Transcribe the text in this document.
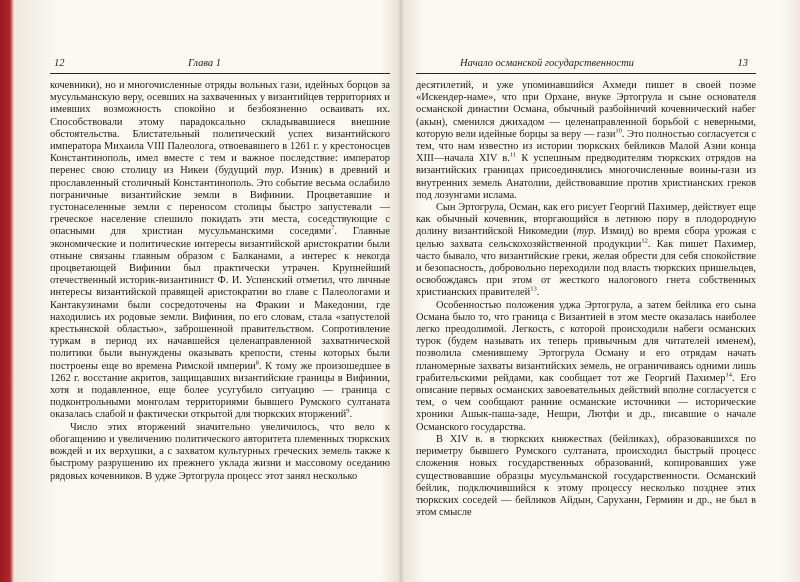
12	Глава 1

кочевники), но и многочисленные отряды вольных гази, идейных борцов за мусульманскую веру, осевших на захваченных у византийцев территориях и имевших возможность спокойно и безбоязненно осваивать их. Способствовали этому парадоксально складывавшиеся внешние обстоятельства. Блистательный политический успех византийского императора Михаила VIII Палеолога, отвоевавшего в 1261 г. у крестоносцев Константинополь, имел вместе с тем и важное последствие: император перенес свою столицу из Никеи (будущий тур. Изник) в древний и прославленный столичный Константинополь. Это событие весьма ослабило пограничные византийские земли в Вифинии. Процветавшие и густонаселенные земли с переносом столицы быстро запустевали — греческое население спешило покидать эти места, соседствующие с опасными для христиан мусульманскими соседями$^7$. Главные экономические и политические интересы византийской аристократии были отныне связаны главным образом с Балканами, а интерес к некогда процветающей Вифинии был практически утрачен. Крупнейший отечественный историк-византинист Ф. И. Успенский отметил, что личные интересы византийской правящей аристократии во главе с Палеологами и Кантакузинами были сосредоточены на Фракии и Македонии, где находились их родовые земли. Вифиния, по его словам, стала «запустелой крестьянской областью», заброшенной правительством. Сопротивление туркам в период их начавшейся целенаправленной захватнической политики были вынуждены оказывать крепости, стены которых были построены еще во времена Римской империи$^8$. К тому же произошедшее в 1262 г. восстание акритов, защищавших византийские границы в Вифинии, хотя и подавленное, еще более усугубило ситуацию — граница с подконтрольными монголам территориями бывшего Румского султаната оказалась слабой и фактически открытой для тюркских вторжений$^9$.

Число этих вторжений значительно увеличилось, что вело к обогащению и увеличению политического авторитета племенных тюркских вождей и их верхушки, а с захватом культурных греческих земель также к быстрому разрушению их прежнего уклада жизни и массовому оседанию рядовых кочевников. В удже Эртогрула процесс этот занял несколько

Начало османской государственности	13

десятилетий, и уже упоминавшийся Ахмеди пишет в своей поэме «Искендер-наме», что при Орхане, внуке Эртогрула и сыне основателя османской династии Османа, обычный разбойничий кочевнический набег (акын), сменился джихадом — целенаправленной борьбой с неверными, которую вели идейные борцы за веру — гази$^{10}$. Это полностью согласуется с тем, что нам известно из истории тюркских бейликов Малой Азии конца XIII—начала XIV в.$^{11}$ К успешным предводителям тюркских отрядов на византийских границах присоединялись многочисленные воины-гази из внутренних земель Анатолии, действовавшие против христианских греков под лозунгами ислама.

Сын Эртогрула, Осман, как его рисует Георгий Пахимер, действует еще как обычный кочевник, вторгающийся в летнюю пору в плодородную долину византийской Никомедии (тур. Измид) во время сбора урожая с целью захвата сельскохозяйственной продукции$^{12}$. Как пишет Пахимер, часто бывало, что византийские греки, желая обрести для себя спокойствие и безопасность, добровольно переходили под власть тюркских пришельцев, освобождаясь при этом от жесткого налогового гнета собственных христианских правителей$^{13}$.

Особенностью положения уджа Эртогрула, а затем бейлика его сына Османа было то, что граница с Византией в этом месте оказалась наиболее легко преодолимой. Легкость, с которой происходили набеги османских турок (будем называть их теперь привычным для читателей именем), позволила сменившему Эртогрула Осману и его отрядам начать планомерные захваты византийских земель, не ограничиваясь одними лишь грабительскими рейдами, как сообщает тот же Георгий Пахимер$^{14}$. Его описание первых османских завоевательных действий вполне согласуется с тем, о чем сообщают ранние османские источники — исторические хроники Ашык-паша-заде, Нешри, Лютфи и др., писавшие о начале Османского государства.

В XIV в. в тюркских княжествах (бейликах), образовавшихся по периметру бывшего Румского султаната, происходил быстрый процесс сложения новых государственных образований, копировавших уже существовавшие образцы мусульманской государственности. Османский бейлик, подключившийся к этому процессу несколько позднее этих тюркских соседей — бейликов Айдын, Саруханн, Гермиян и др., не был в этом смысле
